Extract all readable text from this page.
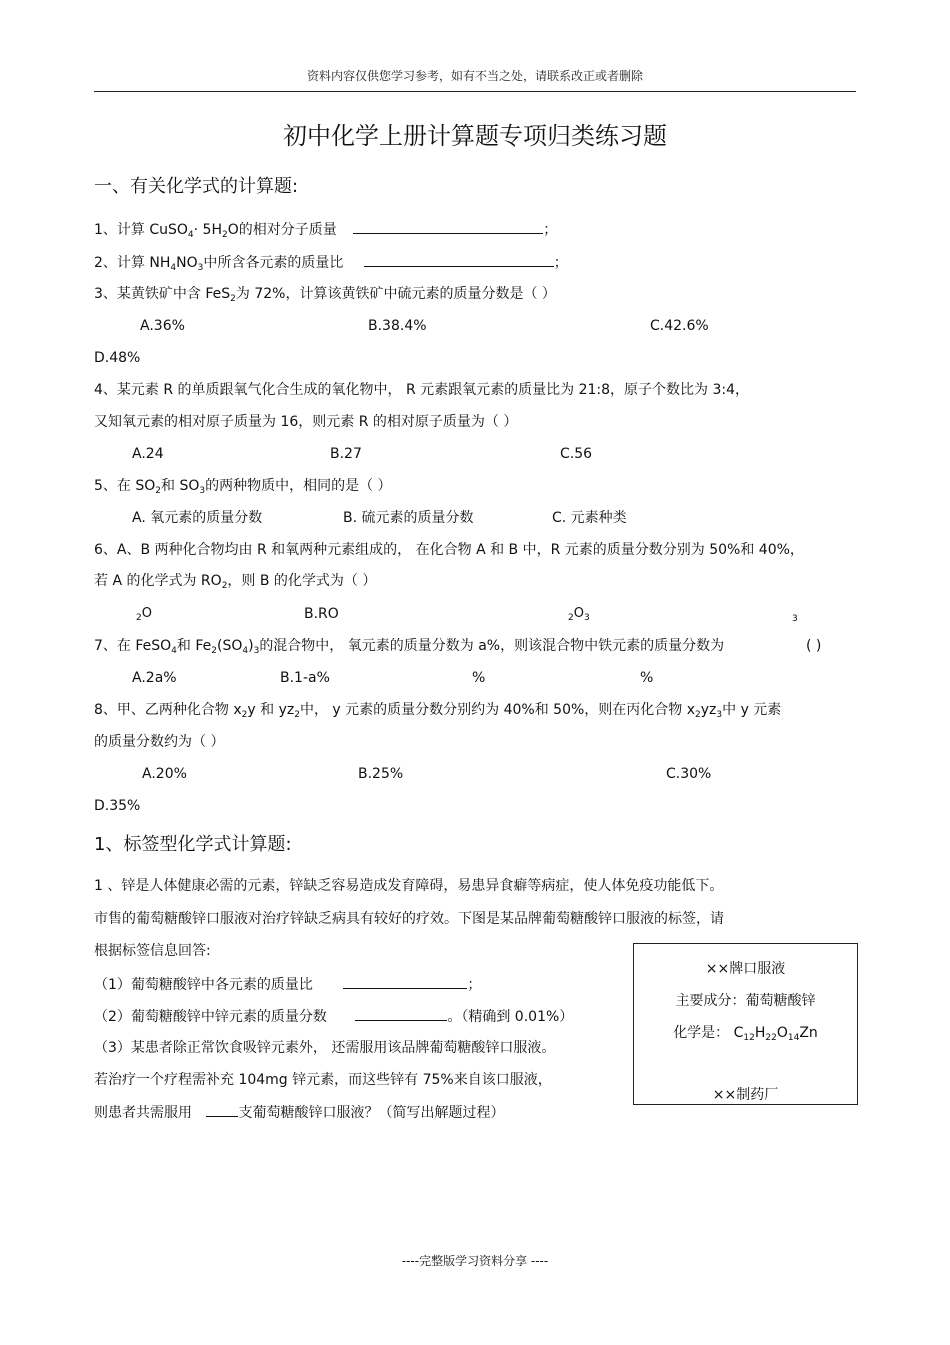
资料内容仅供您学习参考，如有不当之处，请联系改正或者删除
初中化学上册计算题专项归类练习题
一、有关化学式的计算题:
1、计算 CuSO$_4$· $5H_2O$的相对分子质量	；
2、计算 $NH_4NO_3$中所含各元素的质量比	；
3、某黄铁矿中含 FeS$_2$为 72%，计算该黄铁矿中硫元素的质量分数是（ ）
A.36%	B.38.4%	C.42.6%
D.48%
4、某元素 R 的单质跟氧气化合生成的氧化物中， R 元素跟氧元素的质量比为 21:8，原子个数比为 3:4，
又知氧元素的相对原子质量为 16，则元素 R 的相对原子质量为（ ）
A.24	B.27	C.56
5、在 $SO_2$和 $SO_3$的两种物质中，相同的是（ ）
A. 氧元素的质量分数	B. 硫元素的质量分数	C. 元素种类
6、A、B 两种化合物均由 R 和氧两种元素组成的， 在化合物 A 和 B 中，R 元素的质量分数分别为 50%和 40%，
若 A 的化学式为 $RO_2$，则 B 的化学式为（ ）
$_2$O	B.RO	$_2O_3$	$_3$
7、在 FeSO$_4$和 $Fe_2(SO_4)_3$的混合物中， 氧元素的质量分数为 a%，则该混合物中铁元素的质量分数为	( )
A.2a%	B.1-a%	%	%
8、甲、乙两种化合物 $x_2y$ 和 $yz_2$中， y 元素的质量分数分别约为 40%和 50%，则在丙化合物 $x_2yz_3$中 y 元素
的质量分数约为（ ）
A.20%	B.25%	C.30%
D.35%
1、标签型化学式计算题:
1 、锌是人体健康必需的元素，锌缺乏容易造成发育障碍，易患异食癖等病症，使人体免疫功能低下。
市售的葡萄糖酸锌口服液对治疗锌缺乏病具有较好的疗效。下图是某品牌葡萄糖酸锌口服液的标签，请
根据标签信息回答:
（1）葡萄糖酸锌中各元素的质量比	；
（2）葡萄糖酸锌中锌元素的质量分数	。（精确到 0.01%）
（3）某患者除正常饮食吸锌元素外， 还需服用该品牌葡萄糖酸锌口服液。
若治疗一个疗程需补充 104mg 锌元素，而这些锌有 75%来自该口服液，
则患者共需服用	支葡萄糖酸锌口服液？（简写出解题过程）
××牌口服液
主要成分：葡萄糖酸锌
化学是： $C_{12}H_{22}O_{14}Zn$
××制药厂
----完整版学习资料分享 ----
